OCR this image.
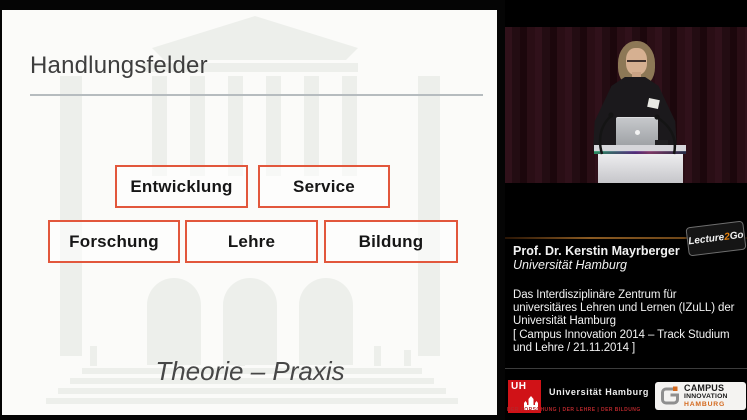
Handlungsfelder
Entwicklung	Service
Forschung	Lehre	Bildung
Theorie – Praxis
Lecture
2
Go
Prof. Dr. Kerstin Mayrberger
Universität Hamburg
Das Interdisziplinäre Zentrum für
universitäres Lehren und Lernen (IZuLL) der
Universität Hamburg
[ Campus Innovation 2014 – Track Studium
und Lehre / 21.11.2014 ]
UH	Universität Hamburg
DER FORSCHUNG | DER LEHRE | DER BILDUNG
CAMPUS
INNOVATION
HAMBURG
